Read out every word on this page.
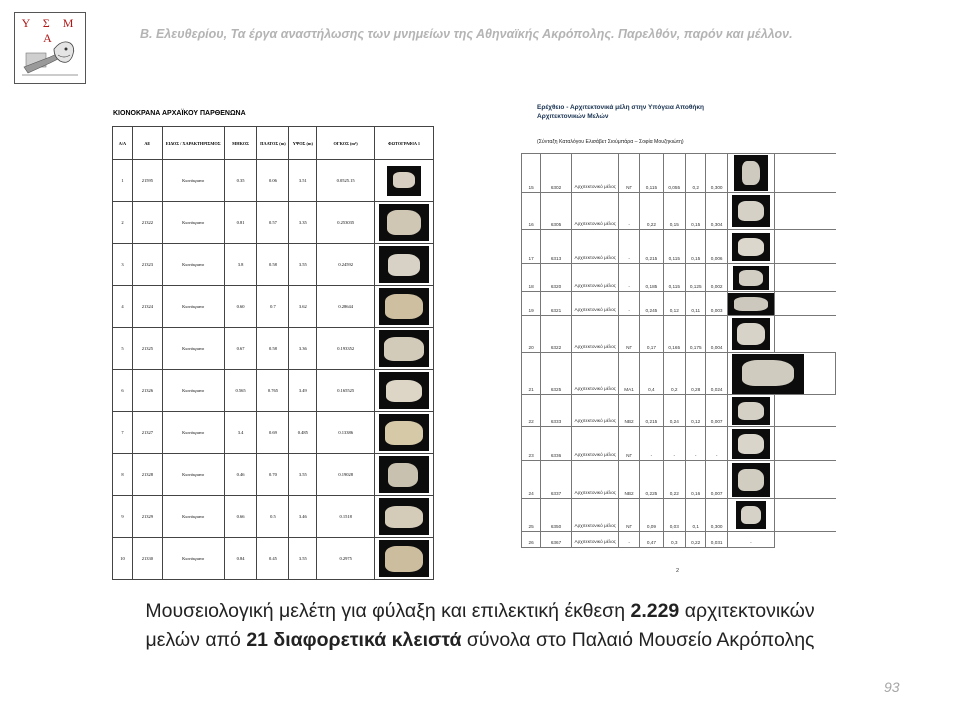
Υ Σ Μ Α	Β. Ελευθερίου, Τα έργα αναστήλωσης των μνημείων της Αθηναϊκής Ακρόπολης. Παρελθόν, παρόν και μέλλον.
ΚΙΟΝΟΚΡΑΝΑ ΑΡΧΑΪΚΟΥ ΠΑΡΘΕΝΩΝΑ
Α/Α	ΑΕ	ΕΙΔΟΣ / ΧΑΡΑΚΤΗΡΙΣΜΟΣ	ΜΗΚΟΣ	ΠΛΑΤΟΣ (m)	ΥΨΟΣ (m)	ΟΓΚΟΣ (m³)	ΦΩΤΟΓΡΑΦΙΑ 1
1	21595	Κιονόκρανο	0.35	0.06	3.51	0.0525.15	

2	21322	Κιονόκρανο	0.81	0.57	3.35	0.253035	

3	21323	Κιονόκρανο	3.8	0.58	3.55	0.24592	

4	21324	Κιονόκρανο	0.60	0.7	3.62	0.28644	

5	21325	Κιονόκρανο	0.67	0.58	3.36	0.193352	

6	21326	Κιονόκρανο	0.565	0.765	3.49	0.165525	

7	21327	Κιονόκρανο	3.4	0.69	0.485	0.13386	

8	21328	Κιονόκρανο	0.46	0.70	3.55	0.19028	

9	21329	Κιονόκρανο	0.66	0.5	3.46	0.1518	

10	21330	Κιονόκρανο	0.84	0.45	3.55	0.2975	
Ερέχθειο - Αρχιτεκτονικά μέλη στην Υπόγεια Αποθήκη
Αρχιτεκτονικών Μελών
(Σύνταξη Καταλόγου Ελισάβετ Σιούμπάρα – Σοφία Μουζηκιώτη)
15	6302	Αρχιτεκτονικό μέλος	ΝΓ	0,115	0,055	0,2	0,300	

16	6305	Αρχιτεκτονικό μέλος	-	0,22	0,15	0,15	0,304	

17	6313	Αρχιτεκτονικό μέλος	-	0,215	0,115	0,15	0,006	

18	6320	Αρχιτεκτονικό μέλος	-	0,185	0,115	0,125	0,002	

19	6321	Αρχιτεκτονικό μέλος	-	0,245	0,12	0,11	0,003	

20	6322	Αρχιτεκτονικό μέλος	ΝΓ	0,17	0,165	0,175	0,004	

21	6325	Αρχιτεκτονικό μέλος	ΜΑ1	0,4	0,2	0,28	0,024		

22	6333	Αρχιτεκτονικό μέλος	ΝΒ2	0,215	0,24	0,12	0,007	

23	6336	Αρχιτεκτονικό μέλος	ΝΓ	-	-	-	-	

24	6337	Αρχιτεκτονικό μέλος	ΝΒ2	0,225	0,22	0,16	0,007	

25	6350	Αρχιτεκτονικό μέλος	ΝΓ	0,09	0,03	0,1	0,300	

26	6367	Αρχιτεκτονικό μέλος	-	0,47	0,3	0,22	0,031	-	
2
Μουσειολογική μελέτη για φύλαξη και επιλεκτική έκθεση 2.229 αρχιτεκτονικών
μελών από 21 διαφορετικά κλειστά σύνολα στο Παλαιό Μουσείο Ακρόπολης
93
